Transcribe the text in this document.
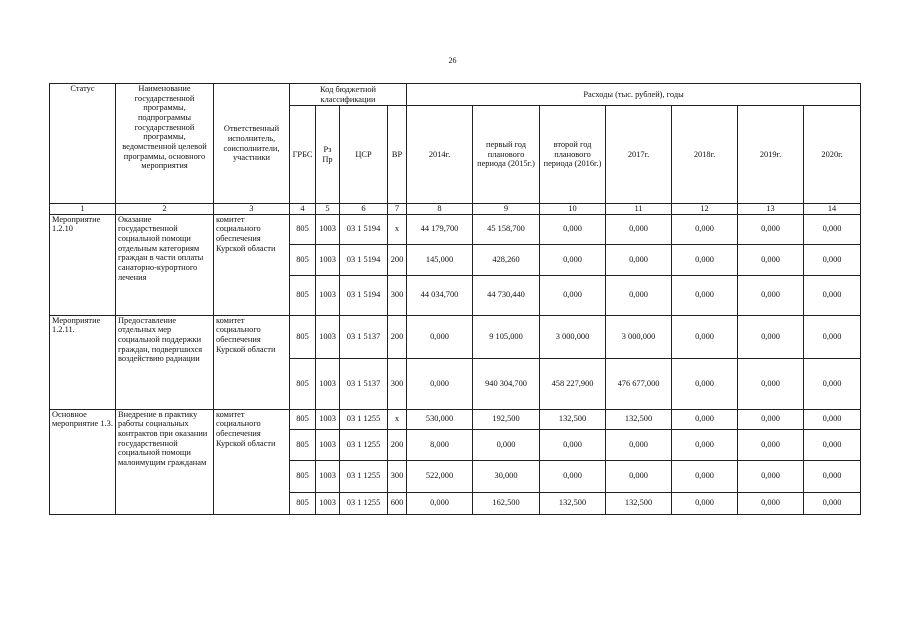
26
Статус	Наименование государственной программы, подпрограммы государственной программы, ведомственной целевой программы, основного мероприятия	Ответственный исполнитель, соисполнители, участники	Код бюджетной классификации				Расходы (тыс. рублей), годы						
			ГРБС	Рз Пр	ЦСР	ВР	2014г.	первый год планового периода (2015г.)	второй год планового периода (2016г.)	2017г.	2018г.	2019г.	2020г.
1	2	3	4	5	6	7	8	9	10	11	12	13	14
Мероприятие 1.2.10	Оказание государственной социальной помощи отдельным категориям граждан в части оплаты санаторно-курортного лечения	комитет социального обеспечения Курской области	805	1003	03 1 5194	х	44 179,700	45 158,700	0,000	0,000	0,000	0,000	0,000
			805	1003	03 1 5194	200	145,000	428,260	0,000	0,000	0,000	0,000	0,000
			805	1003	03 1 5194	300	44 034,700	44 730,440	0,000	0,000	0,000	0,000	0,000
Мероприятие 1.2.11.	Предоставление отдельных мер социальной поддержки граждан, подвергшихся воздействию радиации	комитет социального обеспечения Курской области	805	1003	03 1 5137	200	0,000	9 105,000	3 000,000	3 000,000	0,000	0,000	0,000
			805	1003	03 1 5137	300	0,000	940 304,700	458 227,900	476 677,000	0,000	0,000	0,000
Основное мероприятие 1.3.	Внедрение в практику работы социальных контрактов при оказании государственной социальной помощи малоимущим гражданам	комитет социального обеспечения Курской области	805	1003	03 1 1255	х	530,000	192,500	132,500	132,500	0,000	0,000	0,000
			805	1003	03 1 1255	200	8,000	0,000	0,000	0,000	0,000	0,000	0,000
			805	1003	03 1 1255	300	522,000	30,000	0,000	0,000	0,000	0,000	0,000
			805	1003	03 1 1255	600	0,000	162,500	132,500	132,500	0,000	0,000	0,000
